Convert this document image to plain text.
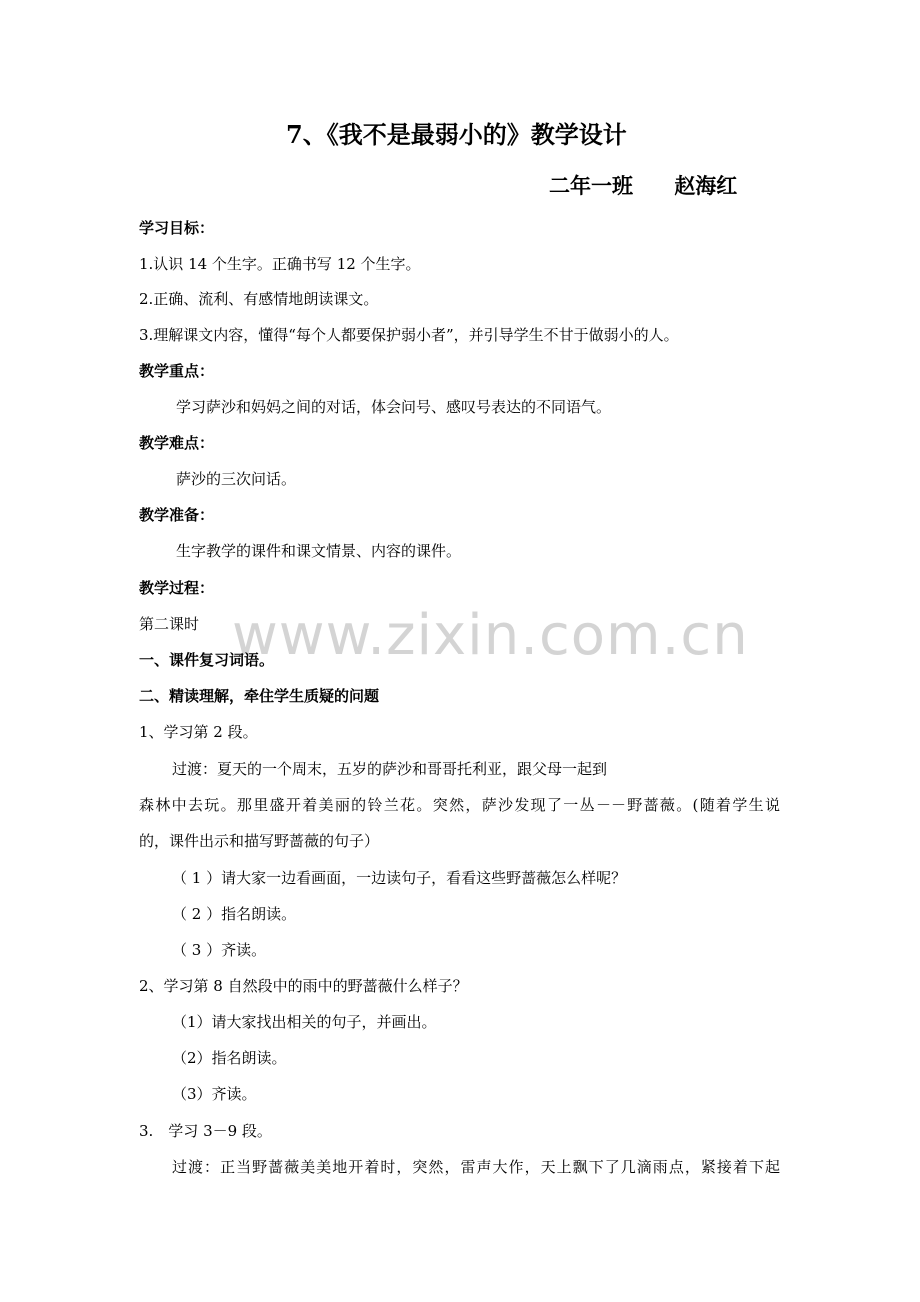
www.zixin.com.cn
7、《我不是最弱小的》教学设计
二年一班 赵海红
学习目标：
1.认识 14 个生字。正确书写 12 个生字。
2.正确、流利、有感情地朗读课文。
3.理解课文内容，懂得“每个人都要保护弱小者”，并引导学生不甘于做弱小的人。
教学重点：
学习萨沙和妈妈之间的对话，体会问号、感叹号表达的不同语气。
教学难点：
萨沙的三次问话。
教学准备：
生字教学的课件和课文情景、内容的课件。
教学过程：
第二课时
一、课件复习词语。
二、精读理解，牵住学生质疑的问题
1、学习第 2 段。
过渡：夏天的一个周末，五岁的萨沙和哥哥托利亚，跟父母一起到
森林中去玩。那里盛开着美丽的铃兰花。突然，萨沙发现了一丛－－野蔷薇。(随着学生说
的，课件出示和描写野蔷薇的句子）
（ 1 ）请大家一边看画面，一边读句子，看看这些野蔷薇怎么样呢？
（ 2 ）指名朗读。
（ 3 ）齐读。
2、学习第 8 自然段中的雨中的野蔷薇什么样子？
（1）请大家找出相关的句子，并画出。
（2）指名朗读。
（3）齐读。
3.　学习 3－9 段。
过渡：正当野蔷薇美美地开着时，突然，雷声大作，天上飘下了几滴雨点，紧接着下起
